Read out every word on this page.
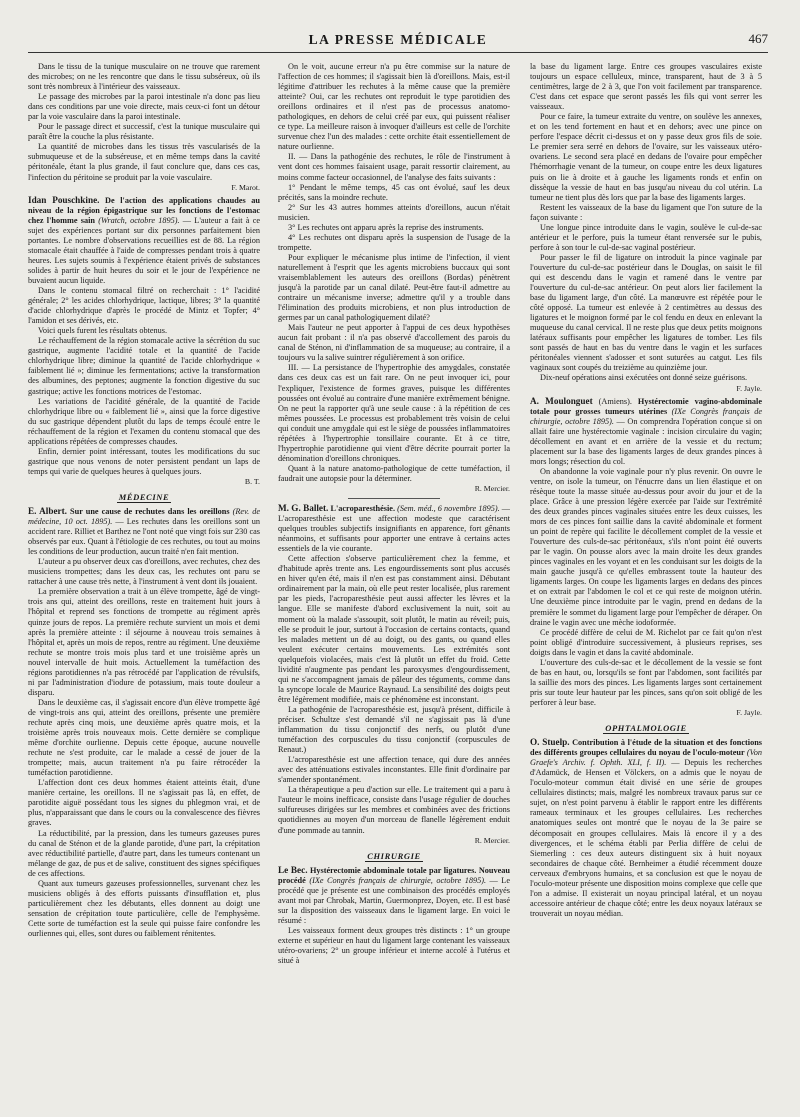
LA PRESSE MÉDICALE	467

Dans le tissu de la tunique musculaire on ne trouve que rarement des microbes; on ne les rencontre que dans le tissu subséreux, où ils sont très nombreux à l'intérieur des vaisseaux.

Le passage des microbes par la paroi intestinale n'a donc pas lieu dans ces conditions par une voie directe, mais ceux-ci font un détour par la voie vasculaire dans la paroi intestinale.

Pour le passage direct et successif, c'est la tunique musculaire qui paraît être la couche la plus résistante.

La quantité de microbes dans les tissus très vascularisés de la submuqueuse et de la subséreuse, et en même temps dans la cavité péritonéale, étant la plus grande, il faut conclure que, dans ces cas, l'infection du péritoine se produit par la voie vasculaire.

F. Marot.

Idan Pouschkine. De l'action des applications chaudes au niveau de la région épigastrique sur les fonctions de l'estomac chez l'homme sain (Wratch, octobre 1895). — L'auteur a fait à ce sujet des expériences portant sur dix personnes parfaitement bien portantes. Le nombre d'observations recueillies est de 88. La région stomacale était chauffée à l'aide de compresses pendant trois à quatre heures. Les sujets soumis à l'expérience étaient privés de substances solides à partir de huit heures du soir et le jour de l'expérience ne buvaient aucun liquide.

Dans le contenu stomacal filtré on recherchait : 1° l'acidité générale; 2° les acides chlorhydrique, lactique, libres; 3° la quantité d'acide chlorhydrique d'après le procédé de Mintz et Topfer; 4° l'amidon et ses dérivés, etc.

Voici quels furent les résultats obtenus.

Le réchauffement de la région stomacale active la sécrétion du suc gastrique, augmente l'acidité totale et la quantité de l'acide chlorhydrique libre; diminue la quantité de l'acide chlorhydrique « faiblement lié »; diminue les fermentations; active la transformation des albumines, des peptones; augmente la fonction digestive du suc gastrique; active les fonctions motrices de l'estomac.

Les variations de l'acidité générale, de la quantité de l'acide chlorhydrique libre ou « faiblement lié », ainsi que la force digestive du suc gastrique dépendent plutôt du laps de temps écoulé entre le réchauffement de la région et l'examen du contenu stomacal que des applications répétées de compresses chaudes.

Enfin, dernier point intéressant, toutes les modifications du suc gastrique que nous venons de noter persistent pendant un laps de temps qui varie de quelques heures à quelques jours.

B. T.

MÉDECINE

E. Albert. Sur une cause de rechutes dans les oreillons (Rev. de médecine, 10 oct. 1895). — Les rechutes dans les oreillons sont un accident rare. Rilliet et Barthez ne l'ont noté que vingt fois sur 230 cas observés par eux. Quant à l'étiologie de ces rechutes, ou tout au moins les conditions de leur production, aucun traité n'en fait mention.

L'auteur a pu observer deux cas d'oreillons, avec rechutes, chez des musiciens trompettes; dans les deux cas, les rechutes ont paru se rattacher à une cause très nette, à l'instrument à vent dont ils jouaient.

La première observation a trait à un élève trompette, âgé de vingt-trois ans qui, atteint des oreillons, reste en traitement huit jours à l'hôpital et reprend ses fonctions de trompette au régiment après quinze jours de repos. La première rechute survient un mois et demi après la première atteinte : il séjourne à nouveau trois semaines à l'hôpital et, après un mois de repos, rentre au régiment. Une deuxième rechute se montre trois mois plus tard et une troisième après un nouvel intervalle de huit mois. Actuellement la tuméfaction des régions parotidiennes n'a pas rétrocédé par l'application de révulsifs, ni par l'administration d'iodure de potassium, mais toute douleur a disparu.

Dans le deuxième cas, il s'agissait encore d'un élève trompette âgé de vingt-trois ans qui, atteint des oreillons, présente une première rechute après cinq mois, une deuxième après quatre mois, et la troisième après trois nouveaux mois. Cette dernière se complique même d'orchite ourlienne. Depuis cette époque, aucune nouvelle rechute ne s'est produite, car le malade a cessé de jouer de la trompette; mais, aucun traitement n'a pu faire rétrocéder la tuméfaction parotidienne.

L'affection dont ces deux hommes étaient atteints était, d'une manière certaine, les oreillons. Il ne s'agissait pas là, en effet, de parotidite aiguë possédant tous les signes du phlegmon vrai, et de plus, n'apparaissant que dans le cours ou la convalescence des fièvres graves.

La réductibilité, par la pression, dans les tumeurs gazeuses pures du canal de Sténon et de la glande parotide, d'une part, la crépitation avec réductibilité partielle, d'autre part, dans les tumeurs contenant un mélange de gaz, de pus et de salive, constituent des signes spécifiques de ces affections.

Quant aux tumeurs gazeuses professionnelles, survenant chez les musiciens obligés à des efforts puissants d'insufflation et, plus particulièrement chez les débutants, elles donnent au doigt une sensation de crépitation toute particulière, celle de l'emphysème. Cette sorte de tuméfaction est la seule qui puisse faire confondre les ourliennes qui, elles, sont dures ou faiblement rénitentes.

On le voit, aucune erreur n'a pu être commise sur la nature de l'affection de ces hommes; il s'agissait bien là d'oreillons. Mais, est-il légitime d'attribuer les rechutes à la même cause que la première atteinte? Oui, car les rechutes ont reproduit le type parotidien des oreillons ordinaires et il n'est pas de processus anatomo-pathologiques, en dehors de celui créé par eux, qui puissent réaliser ce type. La meilleure raison à invoquer d'ailleurs est celle de l'orchite survenue chez l'un des malades : cette orchite était essentiellement de nature ourlienne.

II. — Dans la pathogénie des rechutes, le rôle de l'instrument à vent dont ces hommes faisaient usage, parait ressortir clairement, au moins comme facteur occasionnel, de l'analyse des faits suivants :

1° Pendant le même temps, 45 cas ont évolué, sauf les deux précités, sans la moindre rechute.

2° Sur les 43 autres hommes atteints d'oreillons, aucun n'était musicien.

3° Les rechutes ont apparu après la reprise des instruments.

4° Les rechutes ont disparu après la suspension de l'usage de la trompette.

Pour expliquer le mécanisme plus intime de l'infection, il vient naturellement à l'esprit que les agents microbiens buccaux qui sont vraisemblablement les auteurs des oreillons (Bordas) pénètrent jusqu'à la parotide par un canal dilaté. Peut-être faut-il admettre au contraire un mécanisme inverse; admettre qu'il y a trouble dans l'élimination des produits microbiens, et non plus introduction de germes par un canal pathologiquement dilaté?

Mais l'auteur ne peut apporter à l'appui de ces deux hypothèses aucun fait probant : il n'a pas observé d'accollement des parois du canal de Sténon, ni d'inflammation de sa muqueuse; au contraire, il a toujours vu la salive suintrer régulièrement à son orifice.

III. — La persistance de l'hypertrophie des amygdales, constatée dans ces deux cas est un fait rare. On ne peut invoquer ici, pour l'expliquer, l'existence de formes graves, puisque les différentes poussées ont évolué au contraire d'une manière extrêmement bénigne. On ne peut la rapporter qu'à une seule cause : à la répétition de ces mêmes poussées. Le processus est probablement très voisin de celui qui conduit une amygdale qui est le siège de poussées inflammatoires répétées à l'hypertrophie tonsillaire courante. Et à ce titre, l'hypertrophie parotidienne qui vient d'être décrite pourrait porter la dénomination d'oreillons chroniques.

Quant à la nature anatomo-pathologique de cette tuméfaction, il faudrait une autopsie pour la déterminer.

R. Mercier.

M. G. Ballet. L'acroparesthésie. (Sem. méd., 6 novembre 1895). — L'acroparesthésie est une affection modeste que caractérisent quelques troubles subjectifs insignifiants en apparence, fort gênants néanmoins, et suffisants pour apporter une entrave à certains actes essentiels de la vie courante.

Cette affection s'observe particulièrement chez la femme, et d'habitude après trente ans. Les engourdissements sont plus accusés en hiver qu'en été, mais il n'en est pas constamment ainsi. Débutant ordinairement par la main, où elle peut rester localisée, plus rarement par les pieds, l'acroparesthésie peut aussi affecter les lèvres et la langue. Elle se manifeste d'abord exclusivement la nuit, soit au moment où la malade s'assoupit, soit plutôt, le matin au réveil; puis, elle se produit le jour, surtout à l'occasion de certains contacts, quand les malades mettent un dé au doigt, ou des gants, ou quand elles veulent exécuter certains mouvements. Les extrémités sont quelquefois violacées, mais c'est là plutôt un effet du froid. Cette lividité n'augmente pas pendant les paroxysmes d'engourdissement, qui ne s'accompagnent jamais de pâleur des téguments, comme dans la syncope locale de Maurice Raynaud. La sensibilité des doigts peut être légèrement modifiée, mais ce phénomène est inconstant.

La pathogénie de l'acroparesthésie est, jusqu'à présent, difficile à préciser. Schultze s'est demandé s'il ne s'agissait pas là d'une inflammation du tissu conjonctif des nerfs, ou plutôt d'une tuméfaction des corpuscules du tissu conjonctif (corpuscules de Renaut.)

L'acroparesthésie est une affection tenace, qui dure des années avec des atténuations estivales inconstantes. Elle finit d'ordinaire par s'amender spontanément.

La thérapeutique a peu d'action sur elle. Le traitement qui a paru à l'auteur le moins inefficace, consiste dans l'usage régulier de douches sulfureuses dirigées sur les membres et combinées avec des frictions quotidiennes au moyen d'un morceau de flanelle légèrement enduit d'une pommade au tannin.

R. Mercier.

CHIRURGIE

Le Bec. Hystérectomie abdominale totale par ligatures. Nouveau procédé (IXe Congrès français de chirurgie, octobre 1895). — Le procédé que je présente est une combinaison des procédés employés avant moi par Chrobak, Martin, Guermonprez, Doyen, etc. Il est basé sur la disposition des vaisseaux dans le ligament large. En voici le résumé :

Les vaisseaux forment deux groupes très distincts : 1° un groupe externe et supérieur en haut du ligament large contenant les vaisseaux utéro-ovariens; 2° un groupe inférieur et interne accolé à l'utérus et situé à

la base du ligament large. Entre ces groupes vasculaires existe toujours un espace celluleux, mince, transparent, haut de 3 à 5 centimètres, large de 2 à 3, que l'on voit facilement par transparence. C'est dans cet espace que seront passés les fils qui vont serrer les vaisseaux.

Pour ce faire, la tumeur extraite du ventre, on soulève les annexes, et on les tend fortement en haut et en dehors; avec une pince on perfore l'espace décrit ci-dessus et on y passe deux gros fils de soie. Le premier sera serré en dehors de l'ovaire, sur les vaisseaux utéro-ovariens. Le second sera placé en dedans de l'ovaire pour empêcher l'hémorrhagie venant de la tumeur, on coupe entre les deux ligatures puis on lie à droite et à gauche les ligaments ronds et enfin on dissèque la vessie de haut en bas jusqu'au niveau du col utérin. La tumeur ne tient plus dès lors que par la base des ligaments larges.

Restent les vaisseaux de la base du ligament que l'on suture de la façon suivante :

Une longue pince introduite dans le vagin, soulève le cul-de-sac antérieur et le perfore, puis la tumeur étant renversée sur le pubis, perfore à son tour le cul-de-sac vaginal postérieur.

Pour passer le fil de ligature on introduit la pince vaginale par l'ouverture du cul-de-sac postérieur dans le Douglas, on saisit le fil qui est descendu dans le vagin et ramené dans le ventre par l'ouverture du cul-de-sac antérieur. On peut alors lier facilement la base du ligament large, d'un côté. La manœuvre est répétée pour le côté opposé. La tumeur est enlevée à 2 centimètres au dessus des ligatures et le moignon formé par le col fendu en deux en enlevant la muqueuse du canal cervical. Il ne reste plus que deux petits moignons latéraux suffisants pour empêcher les ligatures de tomber. Les fils sont passés de haut en bas du ventre dans le vagin et les surfaces péritonéales viennent s'adosser et sont suturées au catgut. Les fils vaginaux sont coupés du treizième au quinzième jour.

Dix-neuf opérations ainsi exécutées ont donné seize guérisons.

F. Jayle.

A. Moulonguet (Amiens). Hystérectomie vagino-abdominale totale pour grosses tumeurs utérines (IXe Congrès français de chirurgie, octobre 1895). — On comprendra l'opération conçue si on allait faire une hystérectomie vaginale : incision circulaire du vagin; décollement en avant et en arrière de la vessie et du rectum; placement sur la base des ligaments larges de deux grandes pinces à mors longs; résection du col.

On abandonne la voie vaginale pour n'y plus revenir. On ouvre le ventre, on isole la tumeur, on l'énucrre dans un lien élastique et on résèque toute la masse située au-dessus pour avoir du jour et de la place. Grâce à une pression légère exercée par l'aide sur l'extrémité des deux grandes pinces vaginales situées entre les deux cuisses, les mors de ces pinces font saillie dans la cavité abdominale et forment un point de repère qui facilite le décollement complet de la vessie et l'ouverture des culs-de-sac péritonéaux, s'ils n'ont point été ouverts par le vagin. On pousse alors avec la main droite les deux grandes pinces vaginales en les voyant et en les conduisant sur les doigts de la main gauche jusqu'à ce qu'elles embrassent toute la hauteur des ligaments larges. On coupe les ligaments larges en dedans des pinces et on extrait par l'abdomen le col et ce qui reste de moignon utérin. Une deuxième pince introduite par le vagin, prend en dedans de la première le sommet du ligament large pour l'empêcher de déraper. On draine le vagin avec une mèche iodoformée.

Ce procédé diffère de celui de M. Richelot par ce fait qu'on n'est point obligé d'introduire successivement, à plusieurs reprises, ses doigts dans le vagin et dans la cavité abdominale.

L'ouverture des culs-de-sac et le décollement de la vessie se font de bas en haut, ou, lorsqu'ils se font par l'abdomen, sont facilités par la saillie des mors des pinces. Les ligaments larges sont certainement pris sur toute leur hauteur par les pinces, sans qu'on soit obligé de les perforer à leur base.

F. Jayle.

OPHTALMOLOGIE

O. Stuelp. Contribution à l'étude de la situation et des fonctions des différents groupes cellulaires du noyau de l'oculo-moteur (Von Graefe's Archiv. f. Ophth. XLI, f. II). — Depuis les recherches d'Adamück, de Hensen et Völckers, on a admis que le noyau de l'oculo-moteur commun était divisé en une série de groupes cellulaires distincts; mais, malgré les nombreux travaux parus sur ce sujet, on n'est point parvenu à établir le rapport entre les différents rameaux terminaux et les groupes cellulaires. Les recherches anatomiques seules ont montré que le noyau de la 3e paire se décomposait en groupes cellulaires. Mais là encore il y a des divergences, et le schéma établi par Perlia diffère de celui de Siemerling : ces deux auteurs distinguent six à huit noyaux secondaires de chaque côté. Bernheimer a étudié récemment douze cerveaux d'embryons humains, et sa conclusion est que le noyau de l'oculo-moteur présente une disposition moins complexe que celle que l'on a admise. Il existerait un noyau principal latéral, et un noyau accessoire antérieur de chaque côté; entre les deux noyaux latéraux se trouverait un noyau médian.
